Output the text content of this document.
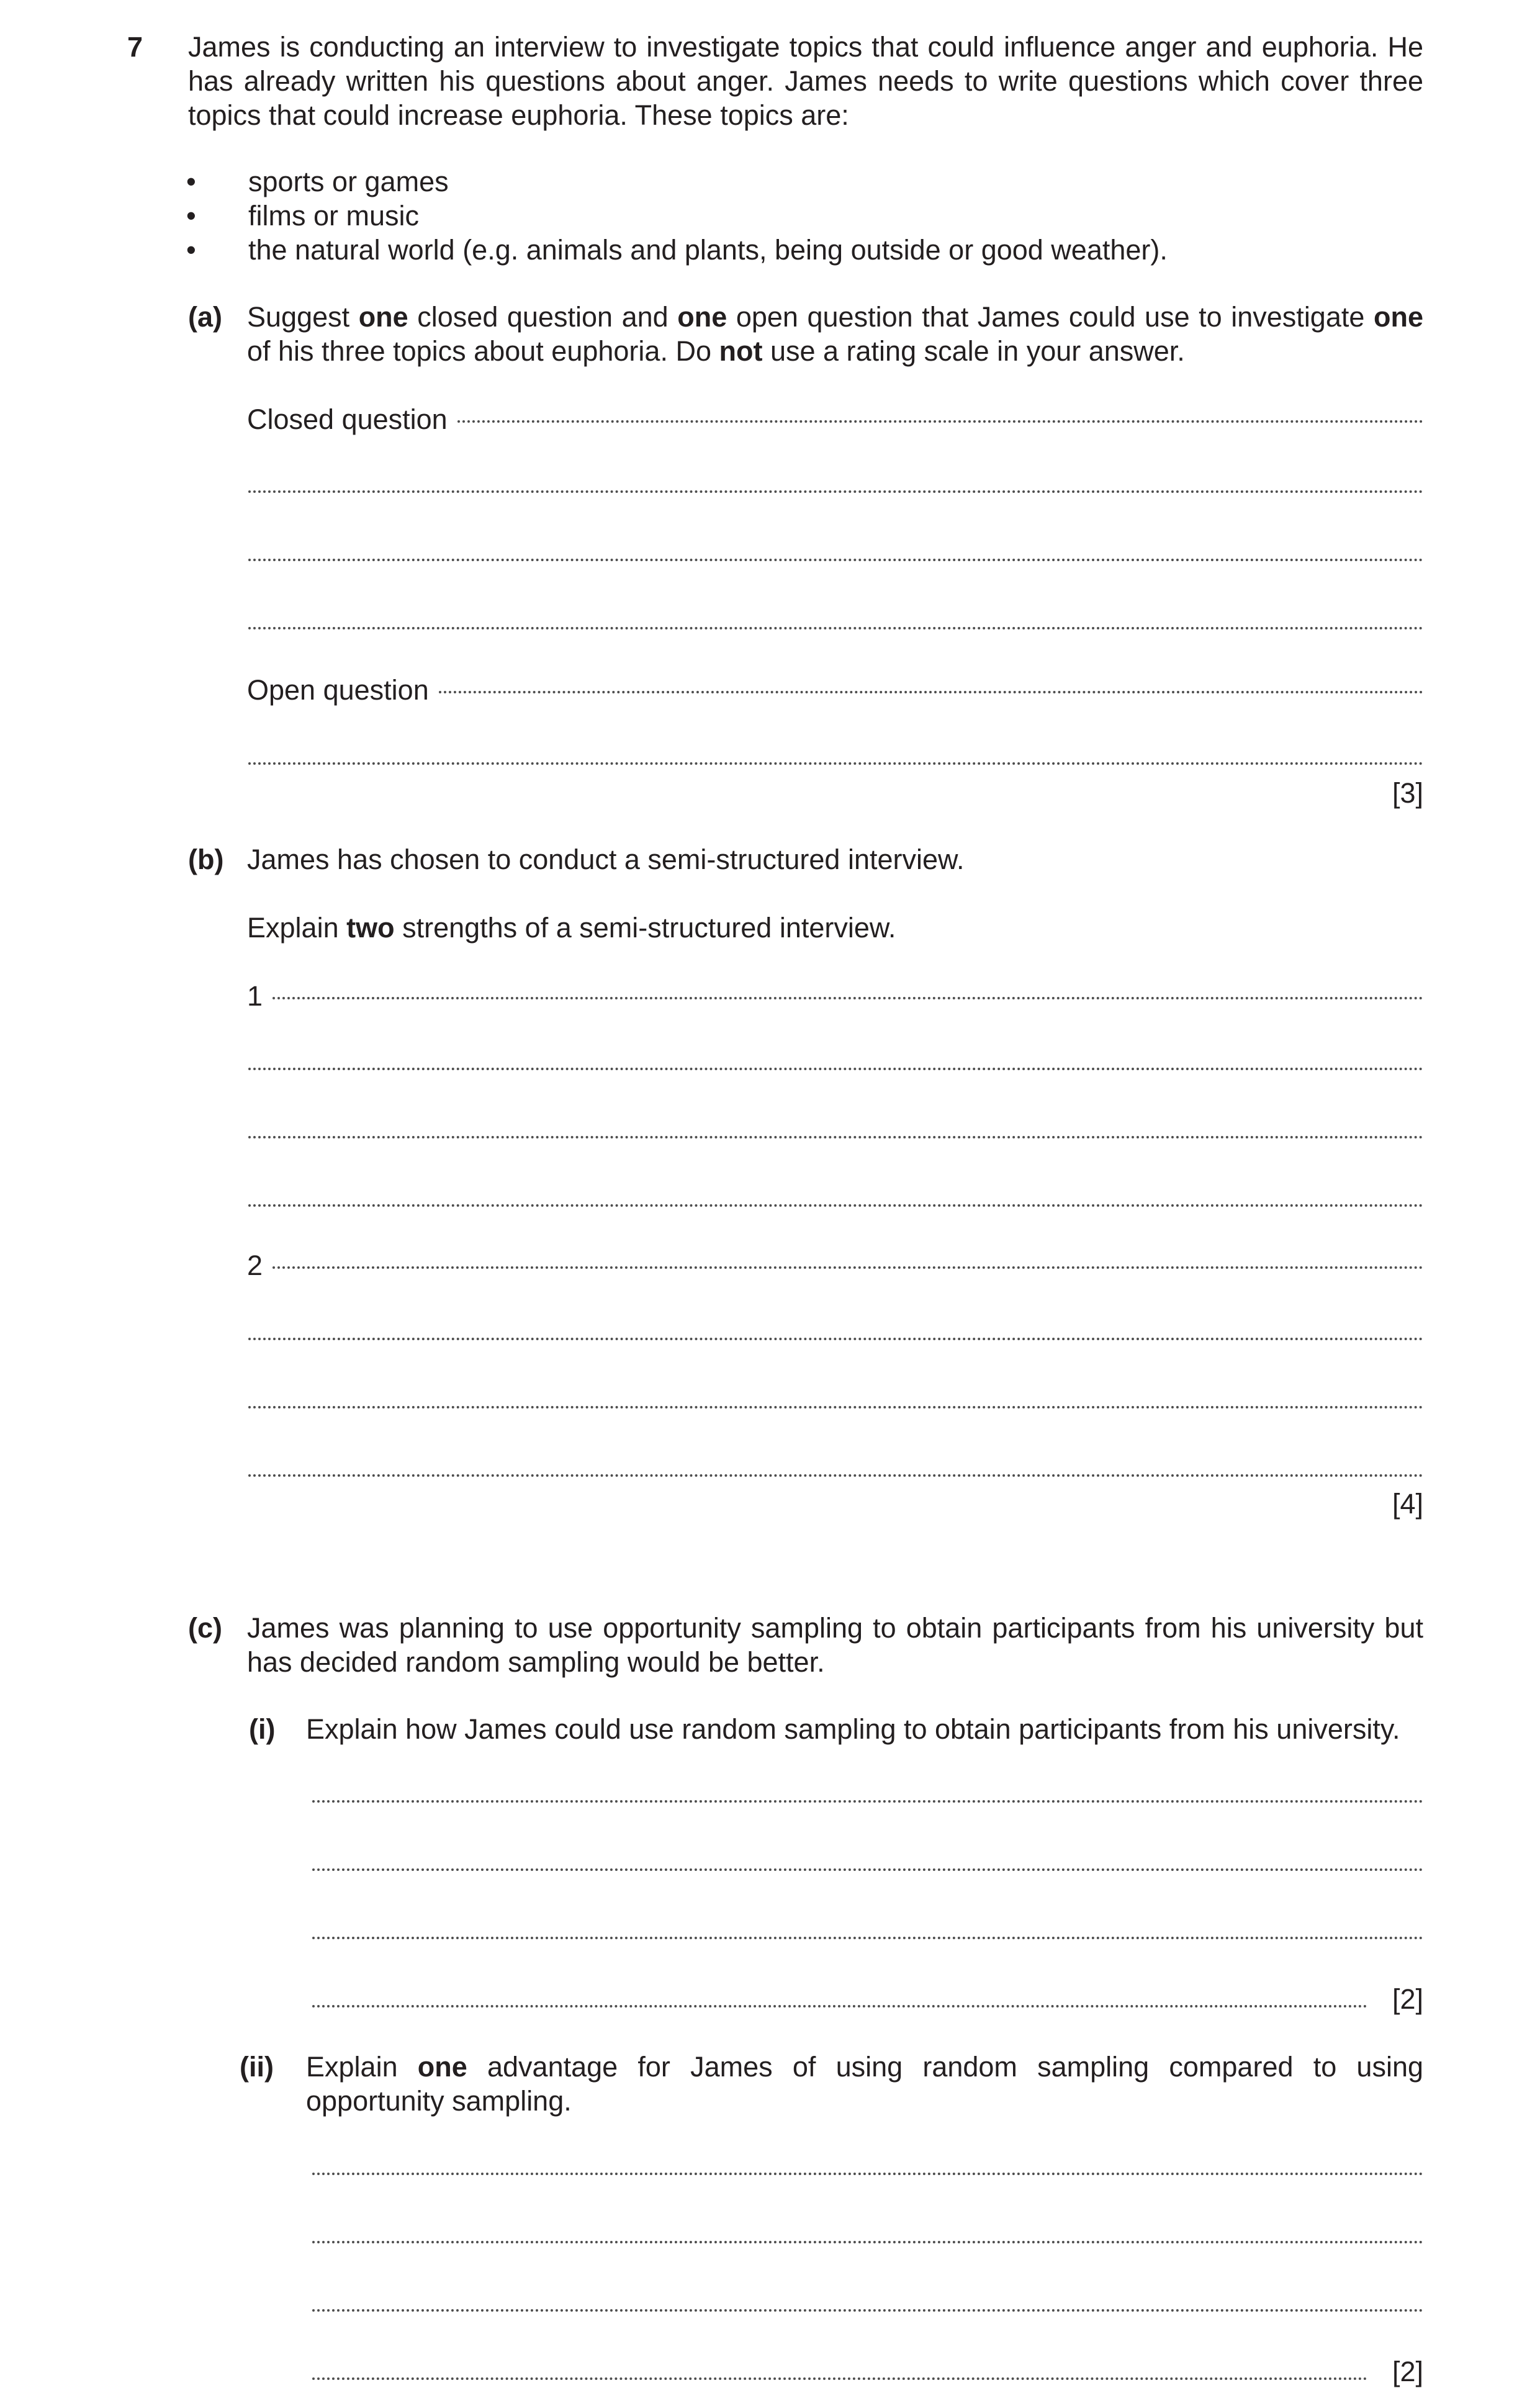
7 James is conducting an interview to investigate topics that could influence anger and euphoria. He has already written his questions about anger. James needs to write questions which cover three topics that could increase euphoria. These topics are:
• sports or games
• films or music
• the natural world (e.g. animals and plants, being outside or good weather).
(a) Suggest one closed question and one open question that James could use to investigate one of his three topics about euphoria. Do not use a rating scale in your answer.
Closed question
Open question
[3]
(b) James has chosen to conduct a semi-structured interview.
Explain two strengths of a semi-structured interview.
1
2
[4]
(c) James was planning to use opportunity sampling to obtain participants from his university but has decided random sampling would be better.
(i) Explain how James could use random sampling to obtain participants from his university.
[2]
(ii) Explain one advantage for James of using random sampling compared to using opportunity sampling.
[2]
